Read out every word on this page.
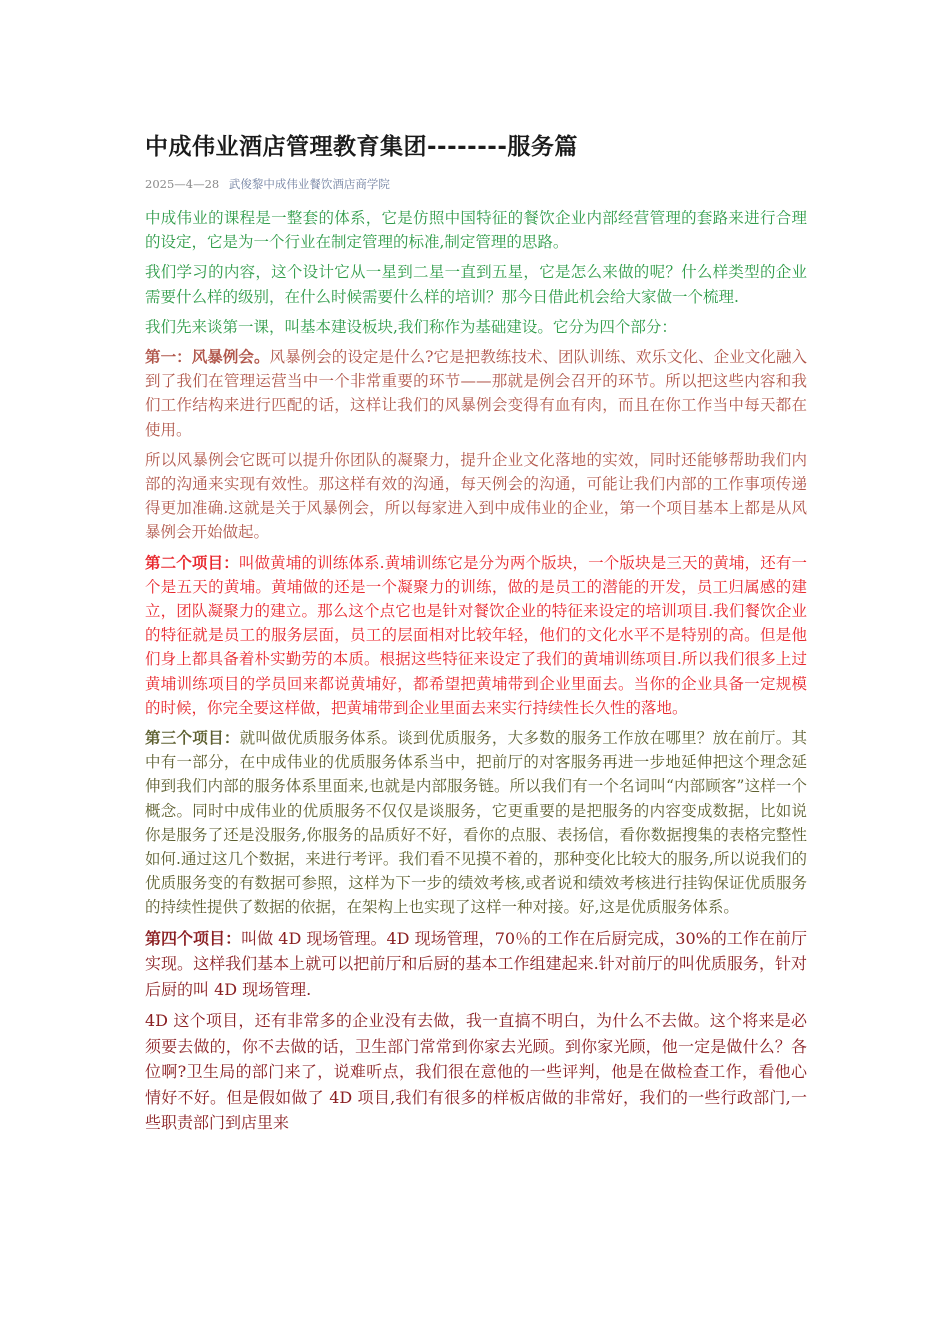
中成伟业酒店管理教育集团--------服务篇
2025—4—28 武俊黎中成伟业餐饮酒店商学院

中成伟业的课程是一整套的体系，它是仿照中国特征的餐饮企业内部经营管理的套路来进行合理的设定，它是为一个行业在制定管理的标准,制定管理的思路。

我们学习的内容，这个设计它从一星到二星一直到五星，它是怎么来做的呢？什么样类型的企业需要什么样的级别，在什么时候需要什么样的培训？那今日借此机会给大家做一个梳理.

我们先来谈第一课，叫基本建设板块,我们称作为基础建设。它分为四个部分：

第一：风暴例会。风暴例会的设定是什么?它是把教练技术、团队训练、欢乐文化、企业文化融入到了我们在管理运营当中一个非常重要的环节——那就是例会召开的环节。所以把这些内容和我们工作结构来进行匹配的话，这样让我们的风暴例会变得有血有肉，而且在你工作当中每天都在使用。

所以风暴例会它既可以提升你团队的凝聚力，提升企业文化落地的实效，同时还能够帮助我们内部的沟通来实现有效性。那这样有效的沟通，每天例会的沟通，可能让我们内部的工作事项传递得更加准确.这就是关于风暴例会，所以每家进入到中成伟业的企业，第一个项目基本上都是从风暴例会开始做起。

第二个项目：叫做黄埔的训练体系.黄埔训练它是分为两个版块，一个版块是三天的黄埔，还有一个是五天的黄埔。黄埔做的还是一个凝聚力的训练，做的是员工的潜能的开发，员工归属感的建立，团队凝聚力的建立。那么这个点它也是针对餐饮企业的特征来设定的培训项目.我们餐饮企业的特征就是员工的服务层面，员工的层面相对比较年轻，他们的文化水平不是特别的高。但是他们身上都具备着朴实勤劳的本质。根据这些特征来设定了我们的黄埔训练项目.所以我们很多上过黄埔训练项目的学员回来都说黄埔好，都希望把黄埔带到企业里面去。当你的企业具备一定规模的时候，你完全要这样做，把黄埔带到企业里面去来实行持续性长久性的落地。

第三个项目：就叫做优质服务体系。谈到优质服务，大多数的服务工作放在哪里？放在前厅。其中有一部分，在中成伟业的优质服务体系当中，把前厅的对客服务再进一步地延伸把这个理念延伸到我们内部的服务体系里面来,也就是内部服务链。所以我们有一个名词叫“内部顾客”这样一个概念。同时中成伟业的优质服务不仅仅是谈服务，它更重要的是把服务的内容变成数据，比如说你是服务了还是没服务,你服务的品质好不好，看你的点服、表扬信，看你数据搜集的表格完整性如何.通过这几个数据，来进行考评。我们看不见摸不着的，那种变化比较大的服务,所以说我们的优质服务变的有数据可参照，这样为下一步的绩效考核,或者说和绩效考核进行挂钩保证优质服务的持续性提供了数据的依据，在架构上也实现了这样一种对接。好,这是优质服务体系。

第四个项目：叫做 4D 现场管理。4D 现场管理，70％的工作在后厨完成，30%的工作在前厅实现。这样我们基本上就可以把前厅和后厨的基本工作组建起来.针对前厅的叫优质服务，针对后厨的叫 4D 现场管理.

4D 这个项目，还有非常多的企业没有去做，我一直搞不明白，为什么不去做。这个将来是必须要去做的，你不去做的话，卫生部门常常到你家去光顾。到你家光顾，他一定是做什么？各位啊?卫生局的部门来了，说难听点，我们很在意他的一些评判，他是在做检查工作，看他心情好不好。但是假如做了 4D 项目,我们有很多的样板店做的非常好，我们的一些行政部门,一些职责部门到店里来
